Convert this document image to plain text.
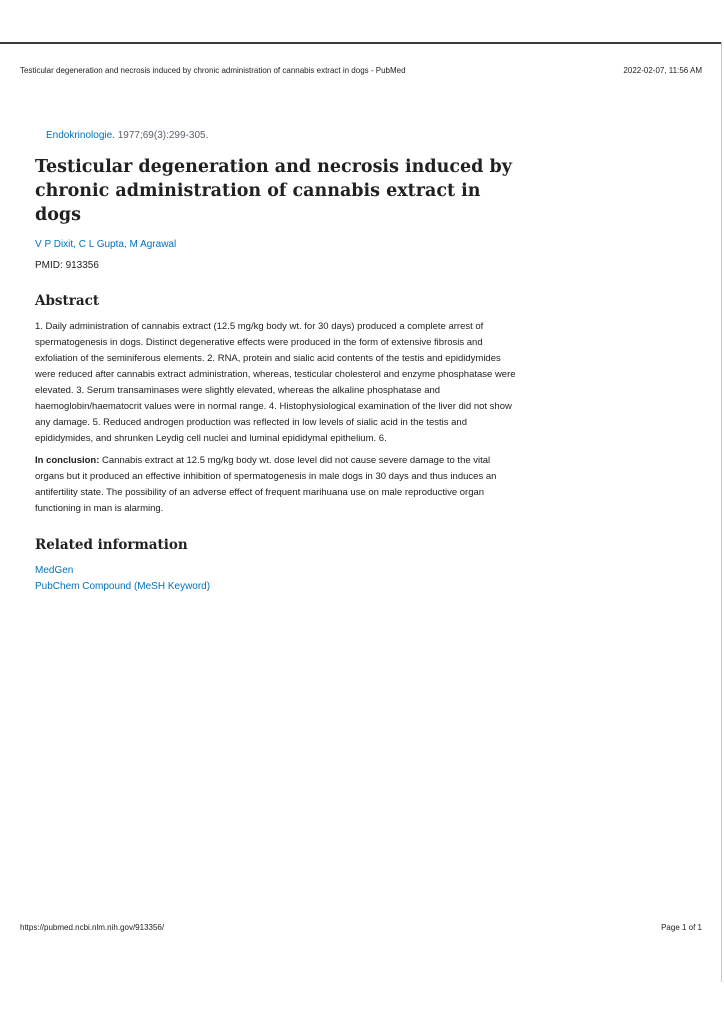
Testicular degeneration and necrosis induced by chronic administration of cannabis extract in dogs - PubMed	2022-02-07, 11:56 AM
Endokrinologie. 1977;69(3):299-305.
Testicular degeneration and necrosis induced by chronic administration of cannabis extract in dogs
V P Dixit, C L Gupta, M Agrawal
PMID: 913356
Abstract

1. Daily administration of cannabis extract (12.5 mg/kg body wt. for 30 days) produced a complete arrest of spermatogenesis in dogs. Distinct degenerative effects were produced in the form of extensive fibrosis and exfoliation of the seminiferous elements. 2. RNA, protein and sialic acid contents of the testis and epididymides were reduced after cannabis extract administration, whereas, testicular cholesterol and enzyme phosphatase were elevated. 3. Serum transaminases were slightly elevated, whereas the alkaline phosphatase and haemoglobin/haematocrit values were in normal range. 4. Histophysiological examination of the liver did not show any damage. 5. Reduced androgen production was reflected in low levels of sialic acid in the testis and epididymides, and shrunken Leydig cell nuclei and luminal epididymal epithelium. 6.

In conclusion: Cannabis extract at 12.5 mg/kg body wt. dose level did not cause severe damage to the vital organs but it produced an effective inhibition of spermatogenesis in male dogs in 30 days and thus induces an antifertility state. The possibility of an adverse effect of frequent marihuana use on male reproductive organ functioning in man is alarming.

Related information
MedGen
PubChem Compound (MeSH Keyword)
https://pubmed.ncbi.nlm.nih.gov/913356/	Page 1 of 1
